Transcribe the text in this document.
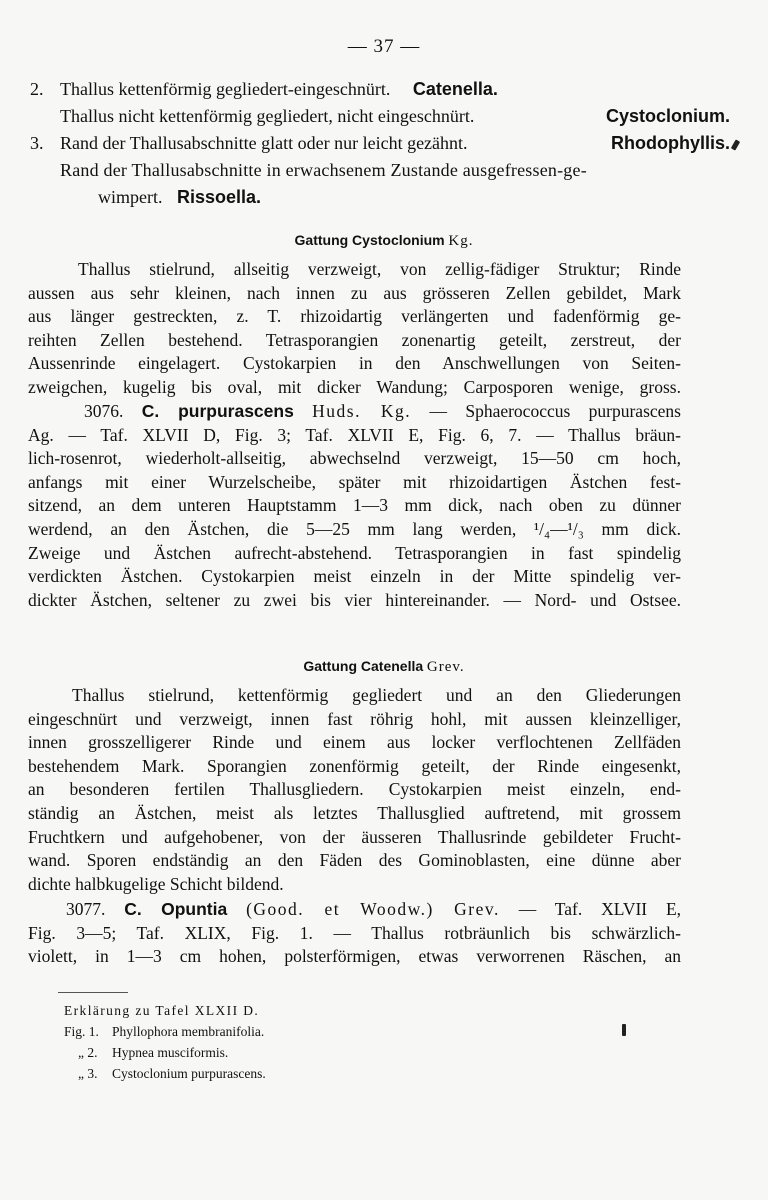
— 37 —
2. Thallus kettenförmig gegliedert-eingeschnürt. Catenella.
Thallus nicht kettenförmig gegliedert, nicht eingeschnürt.	Cystoclonium.
3. Rand der Thallusabschnitte glatt oder nur leicht gezähnt.	Rhodophyllis.
Rand der Thallusabschnitte in erwachsenem Zustande ausgefressen-ge-
wimpert. Rissoella.
Gattung Cystoclonium Kg.
Thallus stielrund, allseitig verzweigt, von zellig-fädiger Struktur; Rinde
aussen aus sehr kleinen, nach innen zu aus grösseren Zellen gebildet, Mark
aus länger gestreckten, z. T. rhizoidartig verlängerten und fadenförmig ge-
reihten Zellen bestehend. Tetrasporangien zonenartig geteilt, zerstreut, der
Aussenrinde eingelagert. Cystokarpien in den Anschwellungen von Seiten-
zweigchen, kugelig bis oval, mit dicker Wandung; Carposporen wenige, gross.
3076. C. purpurascens Huds. Kg. — Sphaerococcus purpurascens
Ag. — Taf. XLVII D, Fig. 3; Taf. XLVII E, Fig. 6, 7. — Thallus bräun-
lich-rosenrot, wiederholt-allseitig, abwechselnd verzweigt, 15—50 cm hoch,
anfangs mit einer Wurzelscheibe, später mit rhizoidartigen Ästchen fest-
sitzend, an dem unteren Hauptstamm 1—3 mm dick, nach oben zu dünner
werdend, an den Ästchen, die 5—25 mm lang werden, ¹/₄—¹/₃ mm dick.
Zweige und Ästchen aufrecht-abstehend. Tetrasporangien in fast spindelig
verdickten Ästchen. Cystokarpien meist einzeln in der Mitte spindelig ver-
dickter Ästchen, seltener zu zwei bis vier hintereinander. — Nord- und Ostsee.
Gattung Catenella Grev.
Thallus stielrund, kettenförmig gegliedert und an den Gliederungen
eingeschnürt und verzweigt, innen fast röhrig hohl, mit aussen kleinzelliger,
innen grosszelligerer Rinde und einem aus locker verflochtenen Zellfäden
bestehendem Mark. Sporangien zonenförmig geteilt, der Rinde eingesenkt,
an besonderen fertilen Thallusgliedern. Cystokarpien meist einzeln, end-
ständig an Ästchen, meist als letztes Thallusglied auftretend, mit grossem
Fruchtkern und aufgehobener, von der äusseren Thallusrinde gebildeter Frucht-
wand. Sporen endständig an den Fäden des Gominoblasten, eine dünne aber
dichte halbkugelige Schicht bildend.
3077. C. Opuntia (Good. et Woodw.) Grev. — Taf. XLVII E,
Fig. 3—5; Taf. XLIX, Fig. 1. — Thallus rotbräunlich bis schwärzlich-
violett, in 1—3 cm hohen, polsterförmigen, etwas verworrenen Räschen, an
Erklärung zu Tafel XLXII D.
Fig. 1. Phyllophora membranifolia.
„ 2.	Hypnea musciformis.
„ 3.	Cystoclonium purpurascens.
